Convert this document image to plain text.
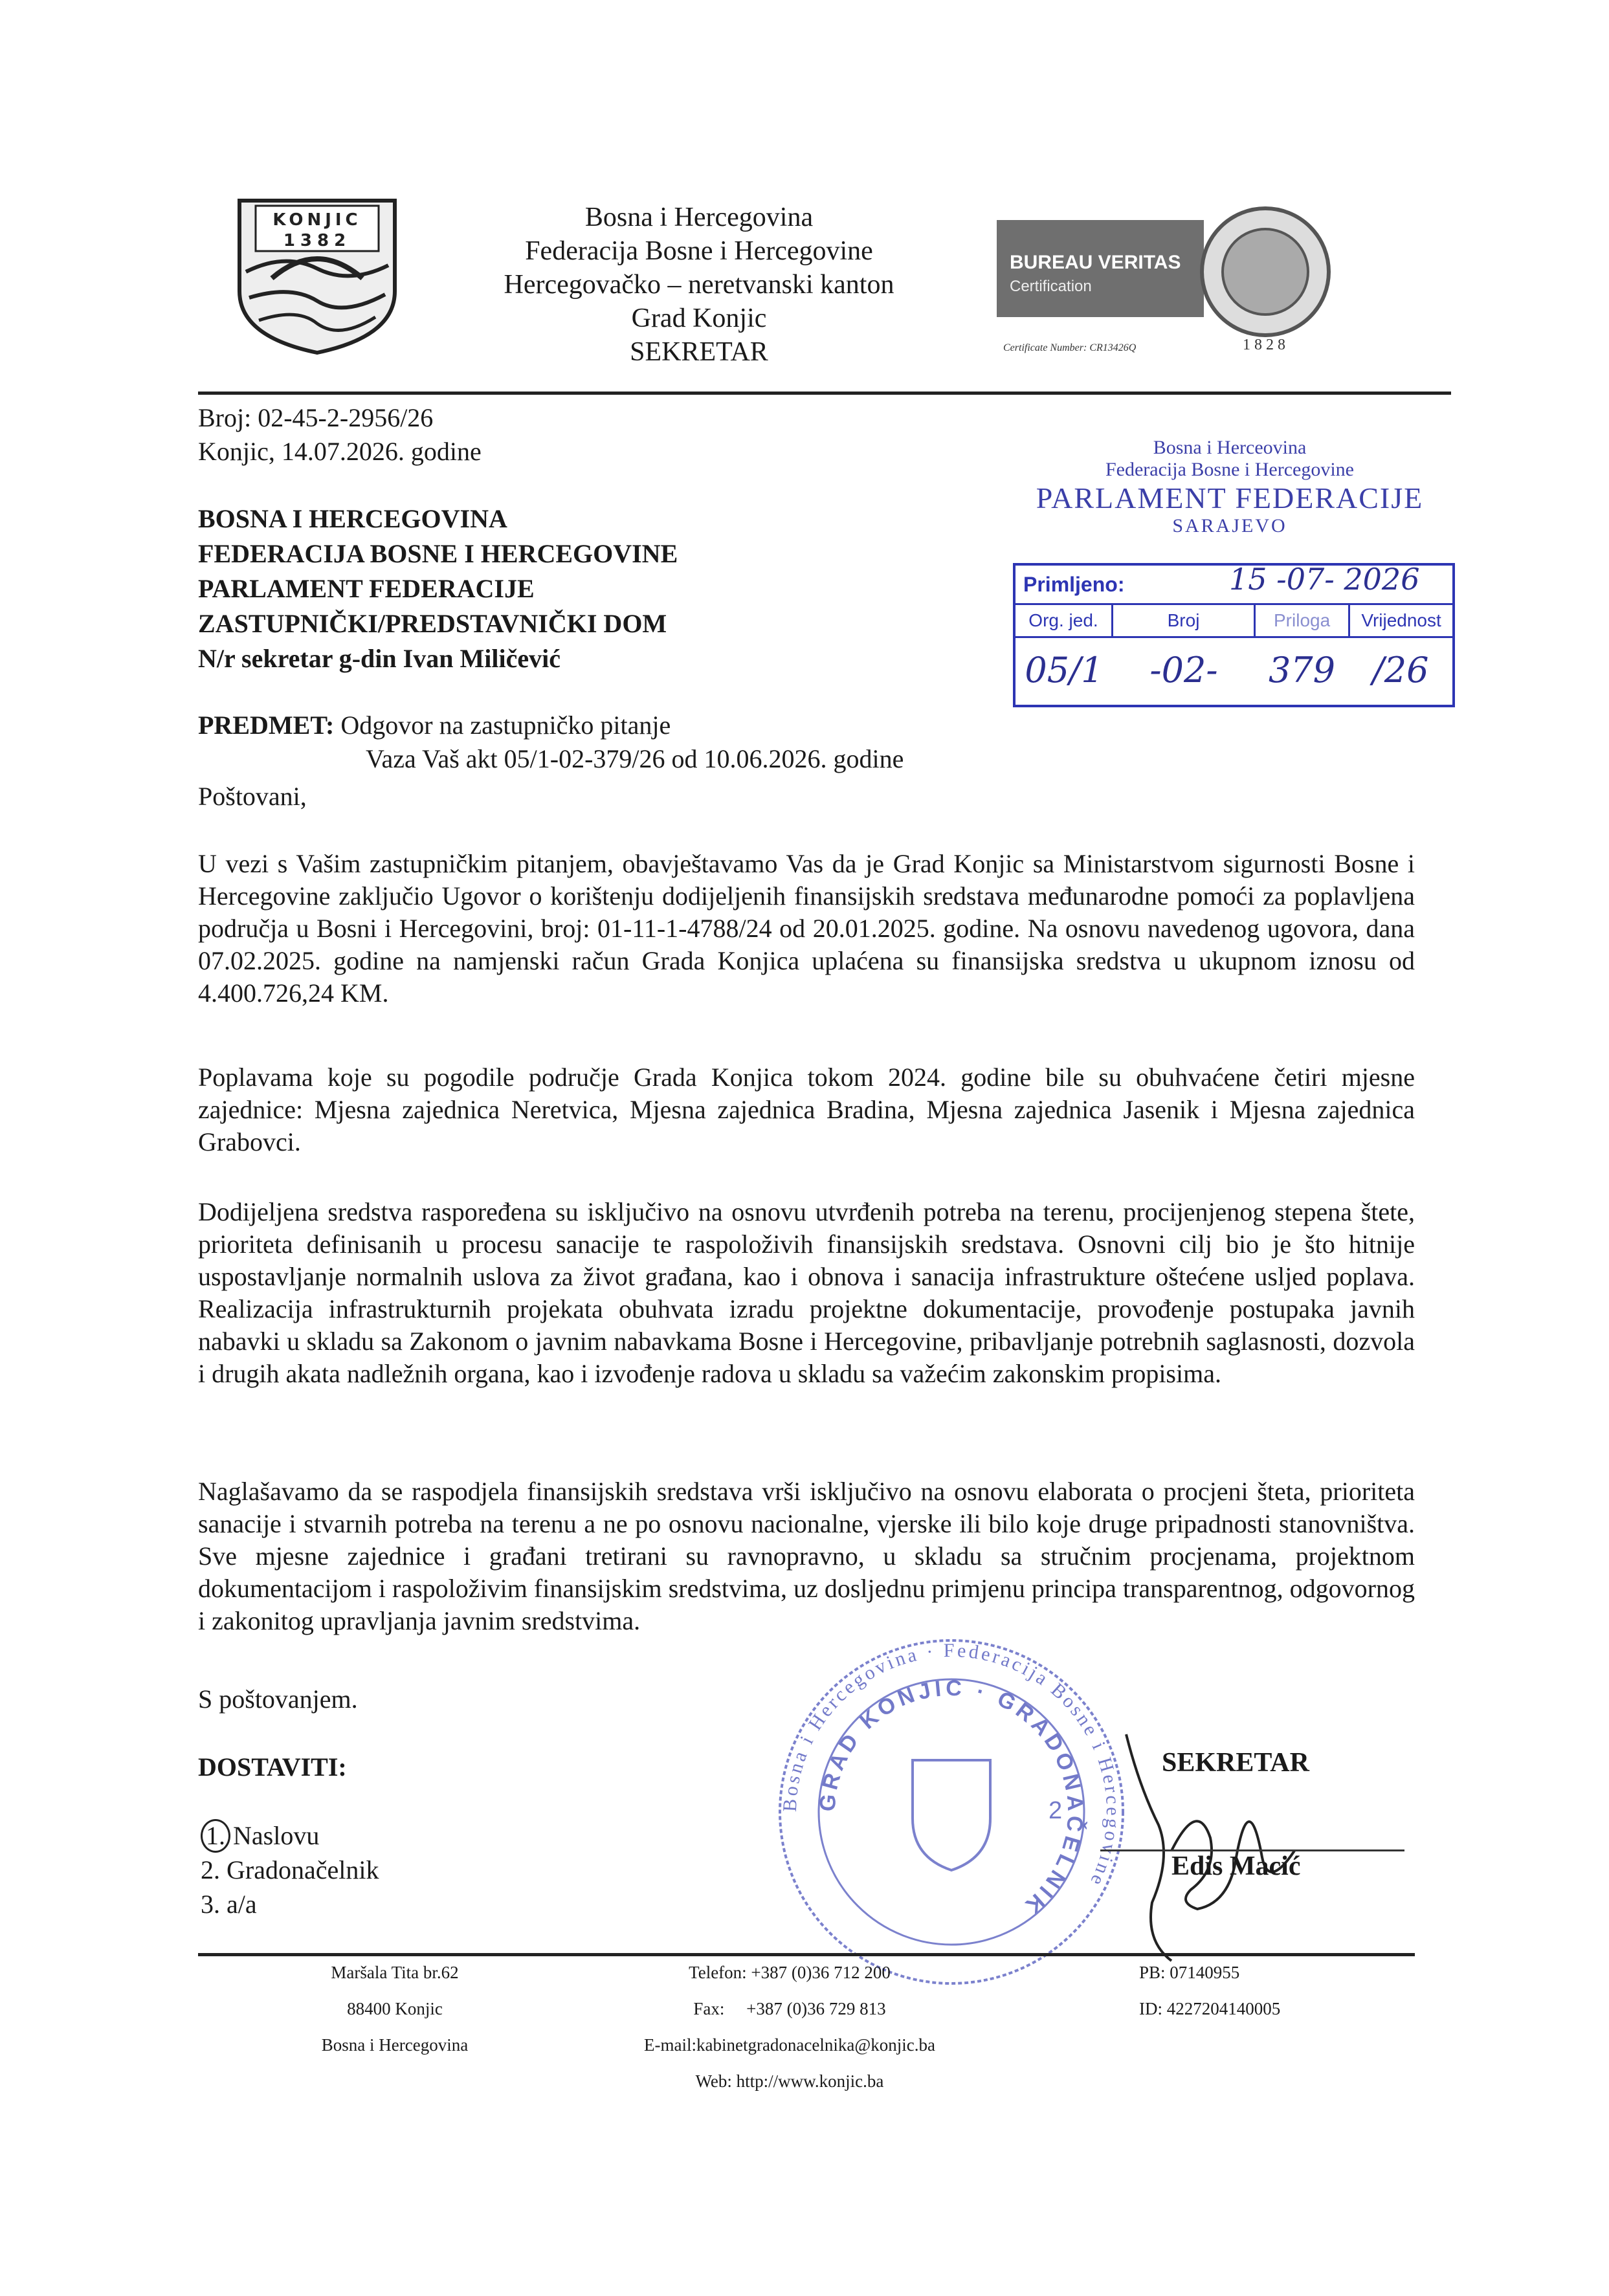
KONJIC
1382
Bosna i Hercegovina
Federacija Bosne i Hercegovine
Hercegovačko – neretvanski kanton
Grad Konjic
SEKRETAR
BUREAU VERITAS
Certification
1828
Certificate Number: CR13426Q
Broj: 02-45-2-2956/26
Konjic, 14.07.2026. godine
BOSNA I HERCEGOVINA
FEDERACIJA BOSNE I HERCEGOVINE
PARLAMENT FEDERACIJE
ZASTUPNIČKI/PREDSTAVNIČKI DOM
N/r sekretar g-din Ivan Miličević
Bosna i Herceovina
Federacija Bosne i Hercegovine
PARLAMENT FEDERACIJE
SARAJEVO
Primljeno:	15 -07- 2026
Org. jed.	Broj	Priloga	Vrijednost
05/1	-02-	379	/26
PREDMET: Odgovor na zastupničko pitanje
Vaza Vaš akt 05/1-02-379/26 od 10.06.2026. godine
Poštovani,
U vezi s Vašim zastupničkim pitanjem, obavještavamo Vas da je Grad Konjic sa Ministarstvom sigurnosti Bosne i Hercegovine zaključio Ugovor o korištenju dodijeljenih finansijskih sredstava međunarodne pomoći za poplavljena područja u Bosni i Hercegovini, broj: 01-11-1-4788/24 od 20.01.2025. godine. Na osnovu navedenog ugovora, dana 07.02.2025. godine na namjenski račun Grada Konjica uplaćena su finansijska sredstva u ukupnom iznosu od 4.400.726,24 KM.
Poplavama koje su pogodile područje Grada Konjica tokom 2024. godine bile su obuhvaćene četiri mjesne zajednice: Mjesna zajednica Neretvica, Mjesna zajednica Bradina, Mjesna zajednica Jasenik i Mjesna zajednica Grabovci.
Dodijeljena sredstva raspoređena su isključivo na osnovu utvrđenih potreba na terenu, procijenjenog stepena štete, prioriteta definisanih u procesu sanacije te raspoloživih finansijskih sredstava. Osnovni cilj bio je što hitnije uspostavljanje normalnih uslova za život građana, kao i obnova i sanacija infrastrukture oštećene usljed poplava. Realizacija infrastrukturnih projekata obuhvata izradu projektne dokumentacije, provođenje postupaka javnih nabavki u skladu sa Zakonom o javnim nabavkama Bosne i Hercegovine, pribavljanje potrebnih saglasnosti, dozvola i drugih akata nadležnih organa, kao i izvođenje radova u skladu sa važećim zakonskim propisima.
Naglašavamo da se raspodjela finansijskih sredstava vrši isključivo na osnovu elaborata o procjeni šteta, prioriteta sanacije i stvarnih potreba na terenu a ne po osnovu nacionalne, vjerske ili bilo koje druge pripadnosti stanovništva. Sve mjesne zajednice i građani tretirani su ravnopravno, u skladu sa stručnim procjenama, projektnom dokumentacijom i raspoloživim finansijskim sredstvima, uz dosljednu primjenu principa transparentnog, odgovornog i zakonitog upravljanja javnim sredstvima.
S poštovanjem.
DOSTAVITI:
1. Naslovu
2. Gradonačelnik
3. a/a
Bosna i Hercegovina · Federacija Bosne i Hercegovine
GRAD KONJIC · GRADONAČELNIK
2
SEKRETAR
Edis Macić
Maršala Tita br.62
88400 Konjic
Bosna i Hercegovina
Telefon: +387 (0)36 712 200
Fax:     +387 (0)36 729 813
E-mail:kabinetgradonacelnika@konjic.ba
Web: http://www.konjic.ba
PB: 07140955
ID: 4227204140005
